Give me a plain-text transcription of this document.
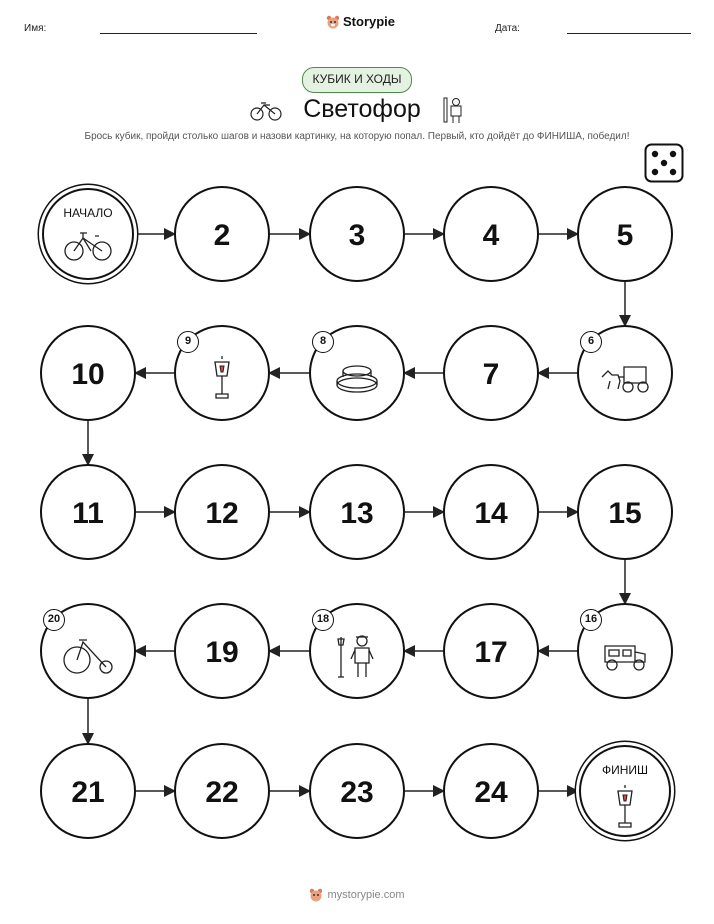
Имя:	Storypie	Дата:
КУБИК И ХОДЫ
Светофор
Брось кубик, пройди столько шагов и назови картинку, на которую попал. Первый, кто дойдёт до ФИНИША, победил!
НАЧАЛО
2	3	4	5
6
7
8
9
10
11	12	13	14	15
16
17
18
19
20
21	22	23	24
ФИНИШ
mystorypie.com
